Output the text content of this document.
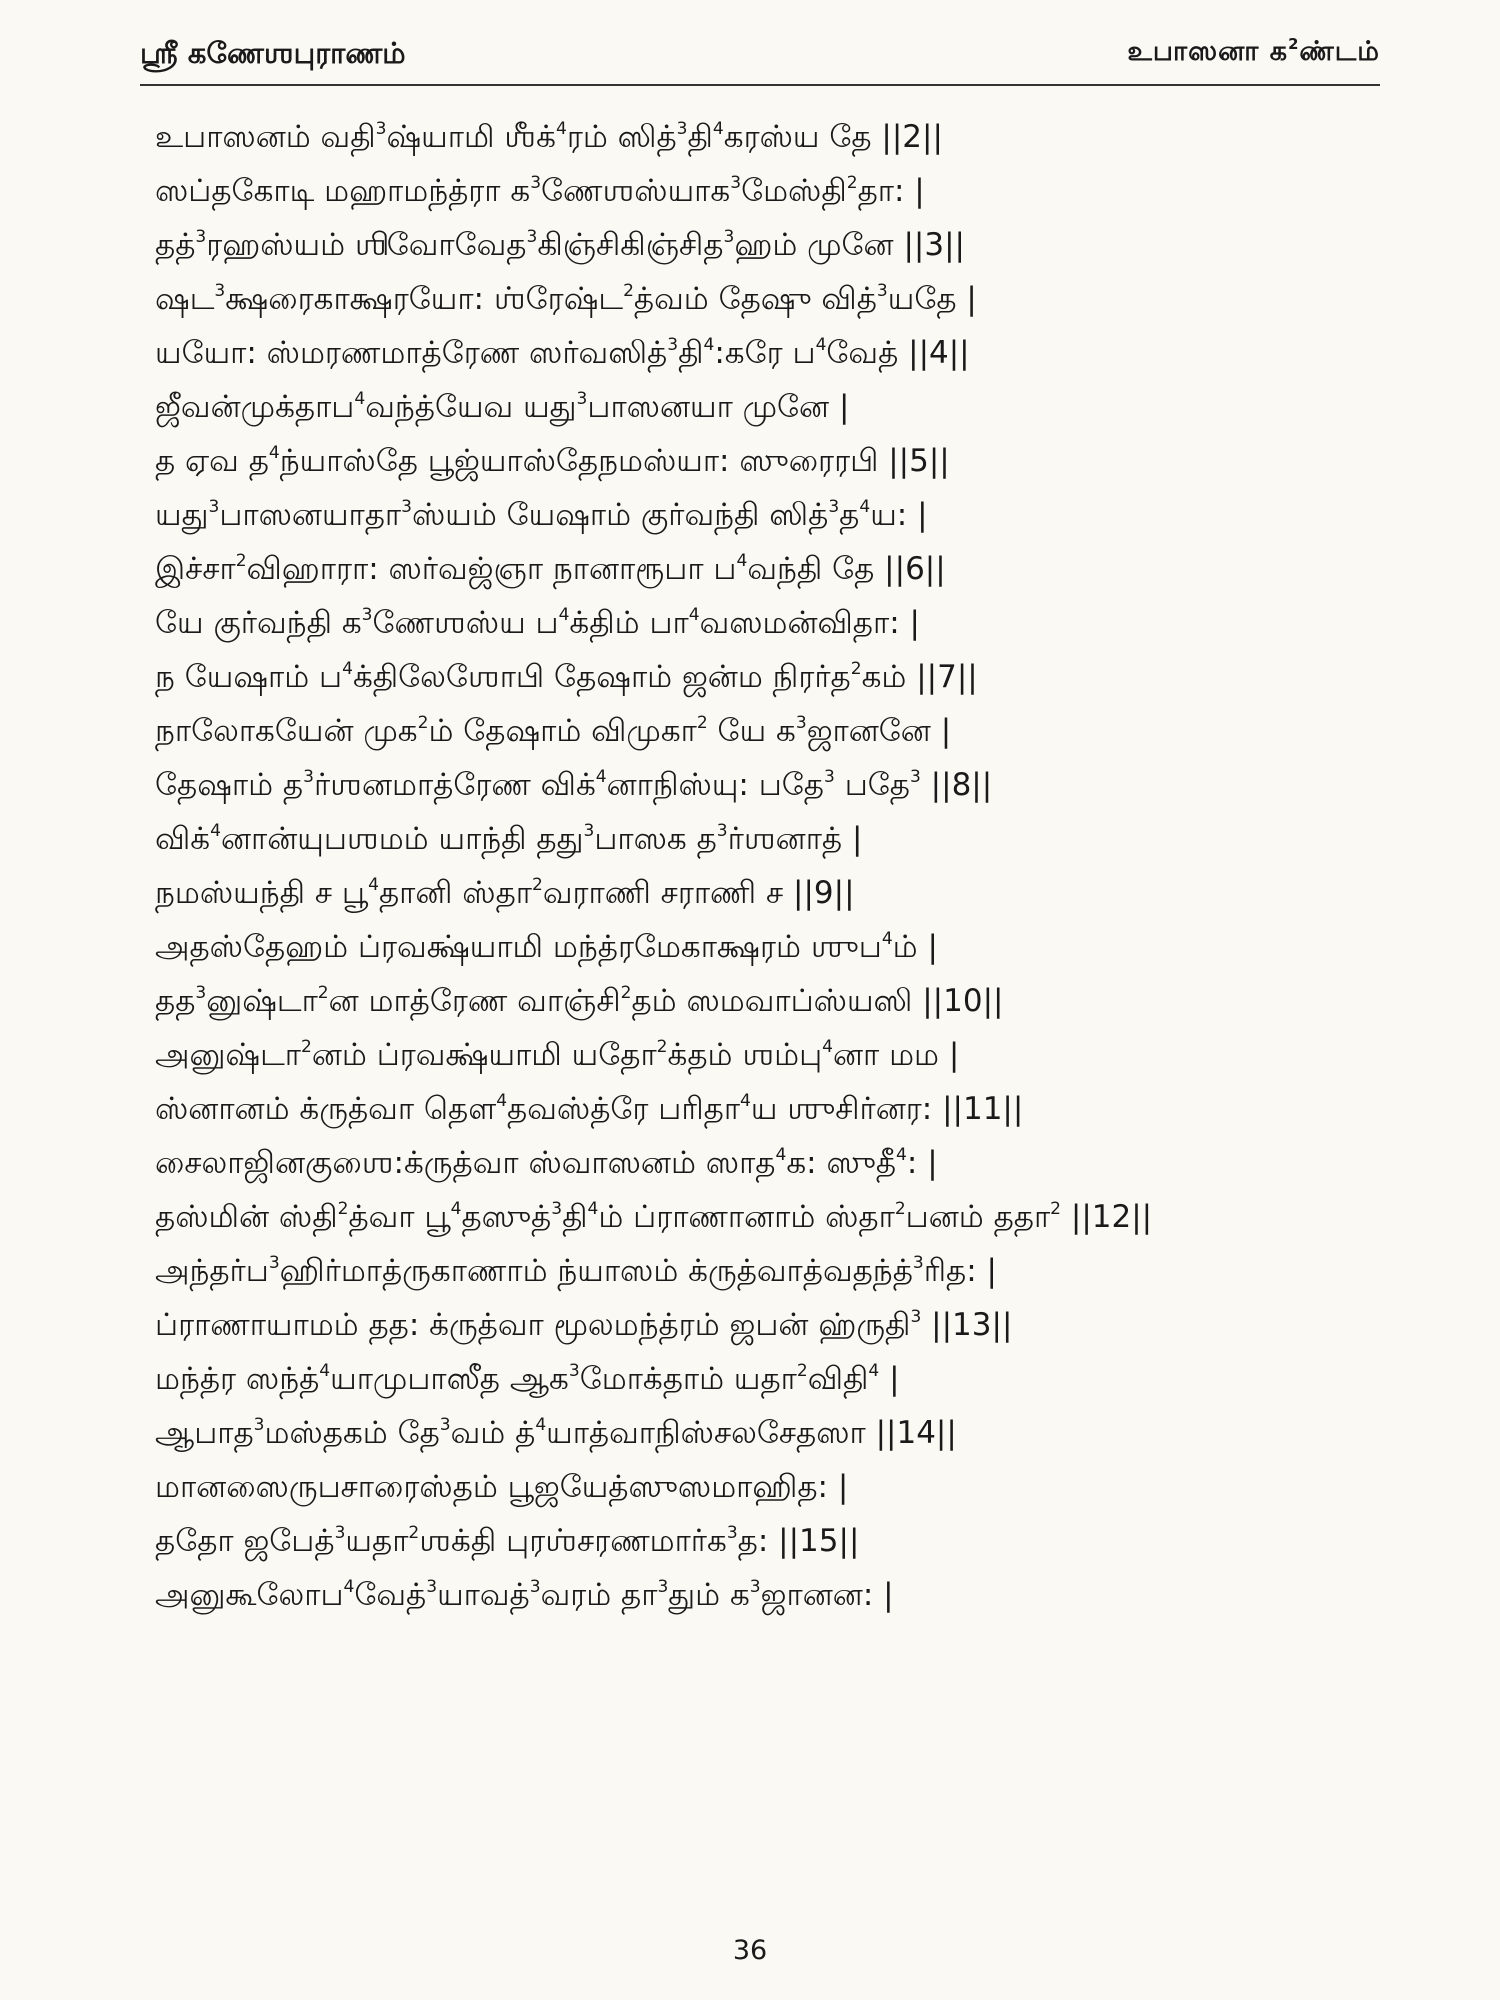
ஸ்ரீ கணேஶபுராணம்	உபாஸனா க$^2$ண்டம்
உபாஸனம் வதி$^3$ஷ்யாமி ஶீக்$^4$ரம் ஸித்$^3$தி$^4$கரஸ்ய தே ||2||
ஸப்தகோடி மஹாமந்த்ரா க$^3$ணேஶஸ்யாக$^3$மேஸ்தி$^2$தா: |
தத்$^3$ரஹஸ்யம் ஶிவோவேத$^3$கிஞ்சிகிஞ்சித$^3$ஹம் முனே ||3||
ஷட$^3$க்ஷரைகாக்ஷரயோ: ஶ்ரேஷ்ட$^2$த்வம் தேஷு வித்$^3$யதே |
யயோ: ஸ்மரணமாத்ரேண ஸர்வஸித்$^3$தி$^4$:கரே ப$^4$வேத் ||4||
ஜீவன்முக்தாப$^4$வந்த்யேவ யது$^3$பாஸனயா முனே |
த ஏவ த$^4$ந்யாஸ்தே பூஜ்யாஸ்தேநமஸ்யா: ஸுரைரபி ||5||
யது$^3$பாஸனயாதா$^3$ஸ்யம் யேஷாம் குர்வந்தி ஸித்$^3$த$^4$ய: |
இச்சா$^2$விஹாரா: ஸர்வஜ்ஞா நானாரூபா ப$^4$வந்தி தே ||6||
யே குர்வந்தி க$^3$ணேஶஸ்ய ப$^4$க்திம் பா$^4$வஸமன்விதா: |
ந யேஷாம் ப$^4$க்திலேஶோபி தேஷாம் ஜன்ம நிரர்த$^2$கம் ||7||
நாலோகயேன் முக$^2$ம் தேஷாம் விமுகா$^2$ யே க$^3$ஜானனே |
தேஷாம் த$^3$ர்ஶனமாத்ரேண விக்$^4$னாநிஸ்யு: பதே$^3$ பதே$^3$ ||8||
விக்$^4$னான்யுபஶமம் யாந்தி தது$^3$பாஸக த$^3$ர்ஶனாத் |
நமஸ்யந்தி ச பூ$^4$தானி ஸ்தா$^2$வராணி சராணி ச ||9||
அதஸ்தேஹம் ப்ரவக்ஷ்யாமி மந்த்ரமேகாக்ஷரம் ஶுப$^4$ம் |
தத$^3$னுஷ்டா$^2$ன மாத்ரேண வாஞ்சி$^2$தம் ஸமவாப்ஸ்யஸி ||10||
அனுஷ்டா$^2$னம் ப்ரவக்ஷ்யாமி யதோ$^2$க்தம் ஶம்பு$^4$னா மம |
ஸ்னானம் க்ருத்வா தௌ$^4$தவஸ்த்ரே பரிதா$^4$ய ஶுசிர்னர: ||11||
சைலாஜினகுஶை:க்ருத்வா ஸ்வாஸனம் ஸாத$^4$க: ஸுதீ$^4$: |
தஸ்மின் ஸ்தி$^2$த்வா பூ$^4$தஸுத்$^3$தி$^4$ம் ப்ராணானாம் ஸ்தா$^2$பனம் ததா$^2$ ||12||
அந்தர்ப$^3$ஹிர்மாத்ருகாணாம் ந்யாஸம் க்ருத்வாத்வதந்த்$^3$ரித: |
ப்ராணாயாமம் தத: க்ருத்வா மூலமந்த்ரம் ஜபன் ஹ்ருதி$^3$ ||13||
மந்த்ர ஸந்த்$^4$யாமுபாஸீத ஆக$^3$மோக்தாம் யதா$^2$விதி$^4$ |
ஆபாத$^3$மஸ்தகம் தே$^3$வம் த்$^4$யாத்வாநிஸ்சலசேதஸா ||14||
மானஸைருபசாரைஸ்தம் பூஜயேத்ஸுஸமாஹித: |
ததோ ஜபேத்$^3$யதா$^2$ஶக்தி புரஶ்சரணமார்க$^3$த: ||15||
அனுகூலோப$^4$வேத்$^3$யாவத்$^3$வரம் தா$^3$தும் க$^3$ஜானன: |
36
